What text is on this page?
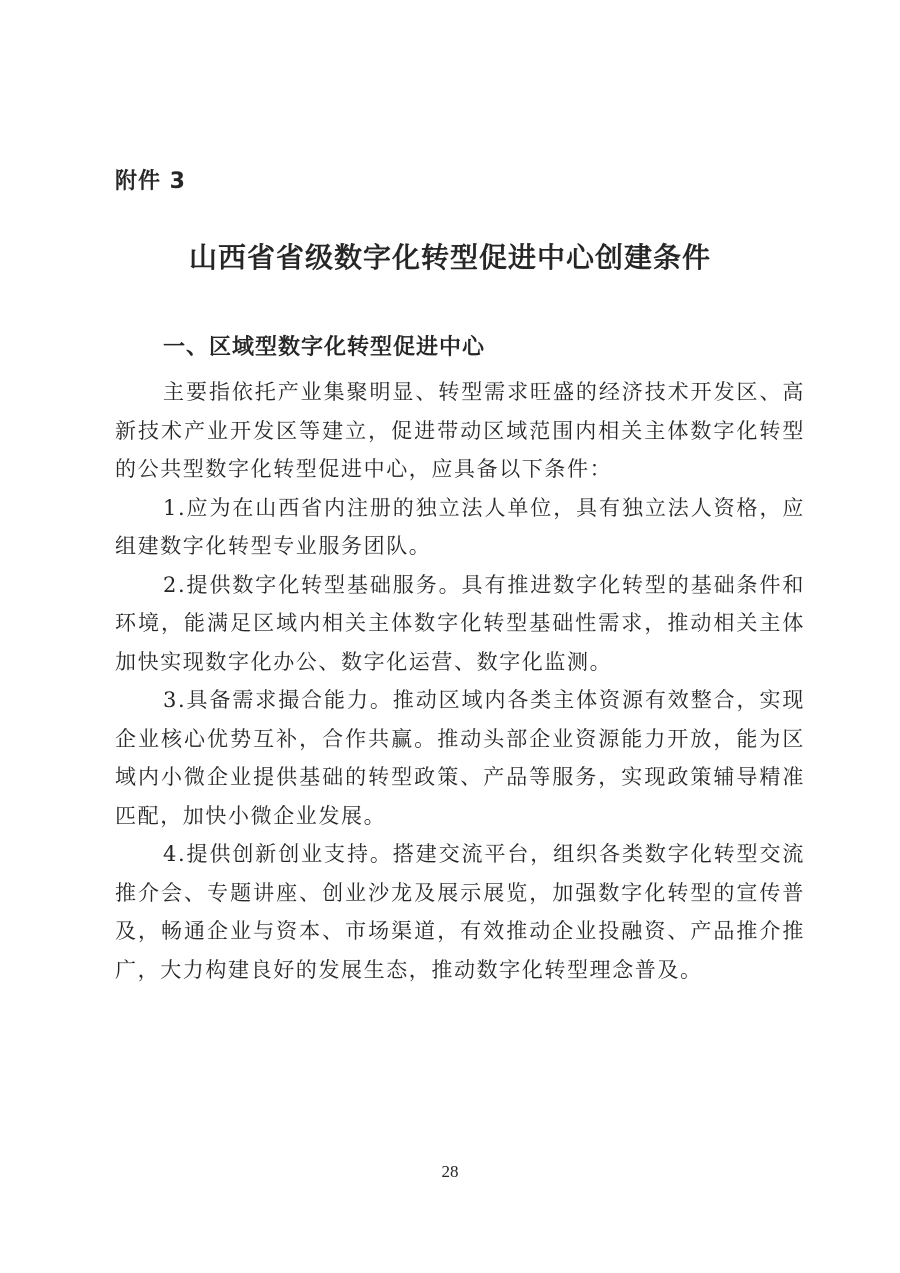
附件 3
山西省省级数字化转型促进中心创建条件
一、区域型数字化转型促进中心

主要指依托产业集聚明显、转型需求旺盛的经济技术开发区、高新技术产业开发区等建立，促进带动区域范围内相关主体数字化转型的公共型数字化转型促进中心，应具备以下条件：

1.应为在山西省内注册的独立法人单位，具有独立法人资格，应组建数字化转型专业服务团队。

2.提供数字化转型基础服务。具有推进数字化转型的基础条件和环境，能满足区域内相关主体数字化转型基础性需求，推动相关主体加快实现数字化办公、数字化运营、数字化监测。

3.具备需求撮合能力。推动区域内各类主体资源有效整合，实现企业核心优势互补，合作共赢。推动头部企业资源能力开放，能为区域内小微企业提供基础的转型政策、产品等服务，实现政策辅导精准匹配，加快小微企业发展。

4.提供创新创业支持。搭建交流平台，组织各类数字化转型交流推介会、专题讲座、创业沙龙及展示展览，加强数字化转型的宣传普及，畅通企业与资本、市场渠道，有效推动企业投融资、产品推介推广，大力构建良好的发展生态，推动数字化转型理念普及。

28
